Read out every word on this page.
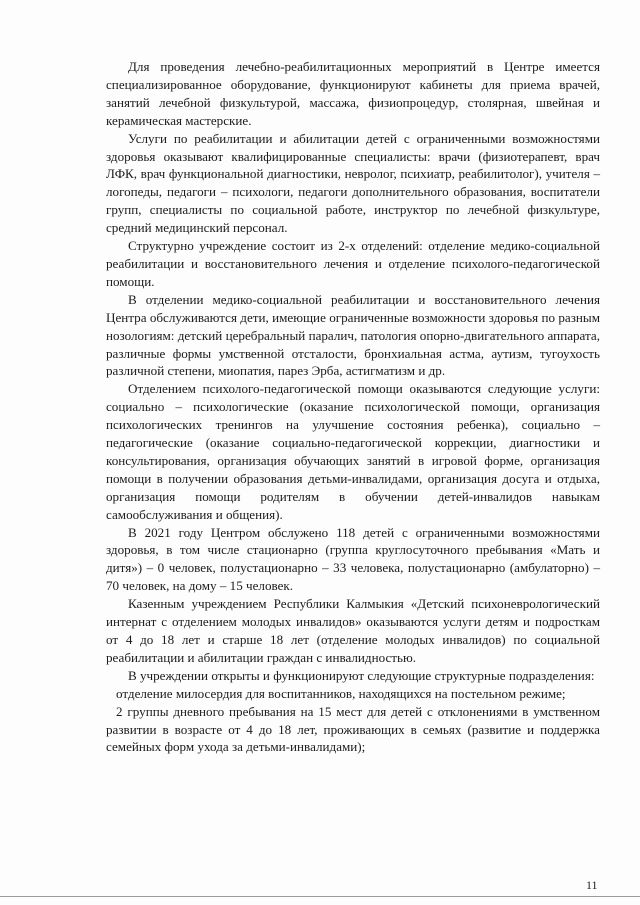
Для проведения лечебно-реабилитационных мероприятий в Центре имеется специализированное оборудование, функционируют кабинеты для приема врачей, занятий лечебной физкультурой, массажа, физиопроцедур, столярная, швейная и керамическая мастерские.

Услуги по реабилитации и абилитации детей с ограниченными возможностями здоровья оказывают квалифицированные специалисты: врачи (физиотерапевт, врач ЛФК, врач функциональной диагностики, невролог, психиатр, реабилитолог), учителя – логопеды, педагоги – психологи, педагоги дополнительного образования, воспитатели групп, специалисты по социальной работе, инструктор по лечебной физкультуре, средний медицинский персонал.

Структурно учреждение состоит из 2-х отделений: отделение медико-социальной реабилитации и восстановительного лечения и отделение психолого-педагогической помощи.

В отделении медико-социальной реабилитации и восстановительного лечения Центра обслуживаются дети, имеющие ограниченные возможности здоровья по разным нозологиям: детский церебральный паралич, патология опорно-двигательного аппарата, различные формы умственной отсталости, бронхиальная астма, аутизм, тугоухость различной степени, миопатия, парез Эрба, астигматизм и др.

Отделением психолого-педагогической помощи оказываются следующие услуги: социально – психологические (оказание психологической помощи, организация психологических тренингов на улучшение состояния ребенка), социально – педагогические (оказание социально-педагогической коррекции, диагностики и консультирования, организация обучающих занятий в игровой форме, организация помощи в получении образования детьми-инвалидами, организация досуга и отдыха, организация помощи родителям в обучении детей-инвалидов навыкам самообслуживания и общения).

В 2021 году Центром обслужено 118 детей с ограниченными возможностями здоровья, в том числе стационарно (группа круглосуточного пребывания «Мать и дитя») – 0 человек, полустационарно – 33 человека, полустационарно (амбулаторно) – 70 человек, на дому – 15 человек.

Казенным учреждением Республики Калмыкия «Детский психоневрологический интернат с отделением молодых инвалидов» оказываются услуги детям и подросткам от 4 до 18 лет и старше 18 лет (отделение молодых инвалидов) по социальной реабилитации и абилитации граждан с инвалидностью.

В учреждении открыты и функционируют следующие структурные подразделения:

отделение милосердия для воспитанников, находящихся на постельном режиме;

2 группы дневного пребывания на 15 мест для детей с отклонениями в умственном развитии в возрасте от 4 до 18 лет, проживающих в семьях (развитие и поддержка семейных форм ухода за детьми-инвалидами);

11
